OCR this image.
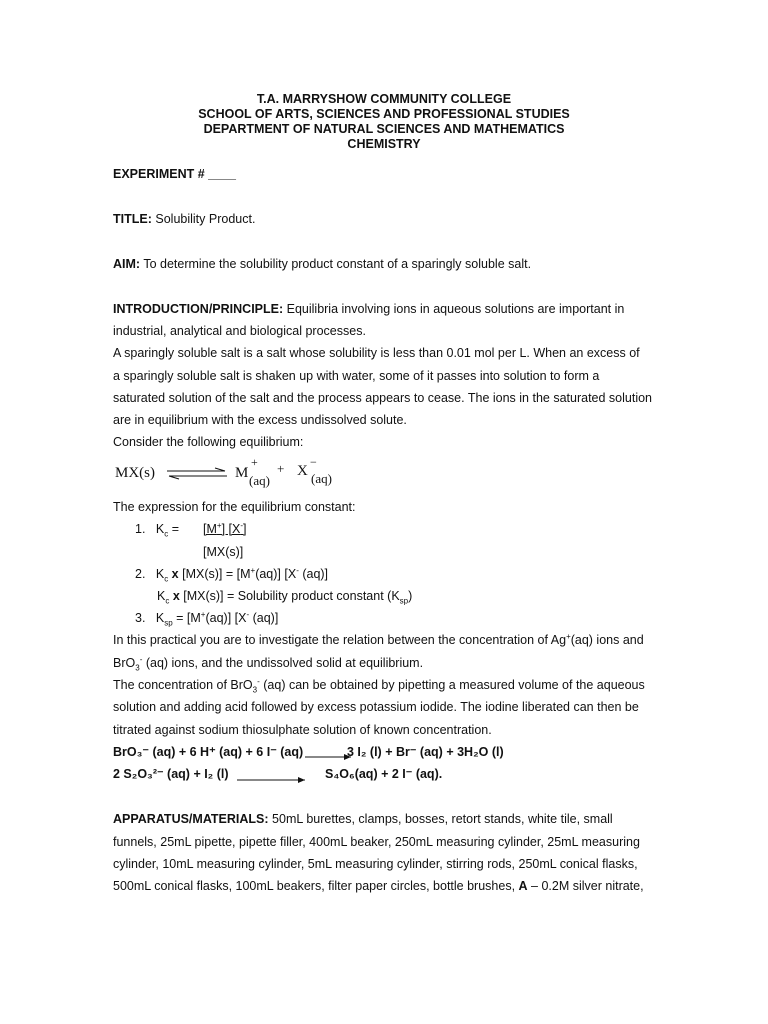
T.A. MARRYSHOW COMMUNITY COLLEGE
SCHOOL OF ARTS, SCIENCES AND PROFESSIONAL STUDIES
DEPARTMENT OF NATURAL SCIENCES AND MATHEMATICS
CHEMISTRY
EXPERIMENT # ____
TITLE: Solubility Product.
AIM: To determine the solubility product constant of a sparingly soluble salt.
INTRODUCTION/PRINCIPLE: Equilibria involving ions in aqueous solutions are important in
industrial, analytical and biological processes.
A sparingly soluble salt is a salt whose solubility is less than 0.01 mol per L. When an excess of
a sparingly soluble salt is shaken up with water, some of it passes into solution to form a
saturated solution of the salt and the process appears to cease. The ions in the saturated solution
are in equilibrium with the excess undissolved solute.
Consider the following equilibrium:
MX(s)	M
+
(aq)
+ X
−
(aq)
The expression for the equilibrium constant:
1. $K_c = [M^+]$ [X-]
[MX(s)]
2. $K_c$ x [MX(s)] = [M+(aq)] [X- (aq)]
$K_c$ x [MX(s)] = Solubility product constant $(K_{sp})$
3. $K_{sp} = [M^+(aq)]$ [X- (aq)]
In this practical you are to investigate the relation between the concentration of Ag+(aq) ions and
BrO$_3$- (aq) ions, and the undissolved solid at equilibrium.
The concentration of BrO$_3$- (aq) can be obtained by pipetting a measured volume of the aqueous
solution and adding acid followed by excess potassium iodide. The iodine liberated can then be
titrated against sodium thiosulphate solution of known concentration.
BrO₃⁻ (aq) + 6 H⁺ (aq) + 6 I⁻ (aq) →
3 I₂ (l) + Br⁻ (aq) + 3H₂O (l)
2 S₂O₃²⁻ (aq) + I₂ (l)	S₄O₆(aq) + 2 I⁻ (aq).
APPARATUS/MATERIALS: 50mL burettes, clamps, bosses, retort stands, white tile, small
funnels, 25mL pipette, pipette filler, 400mL beaker, 250mL measuring cylinder, 25mL measuring
cylinder, 10mL measuring cylinder, 5mL measuring cylinder, stirring rods, 250mL conical flasks,
500mL conical flasks, 100mL beakers, filter paper circles, bottle brushes, A – 0.2M silver nitrate,
